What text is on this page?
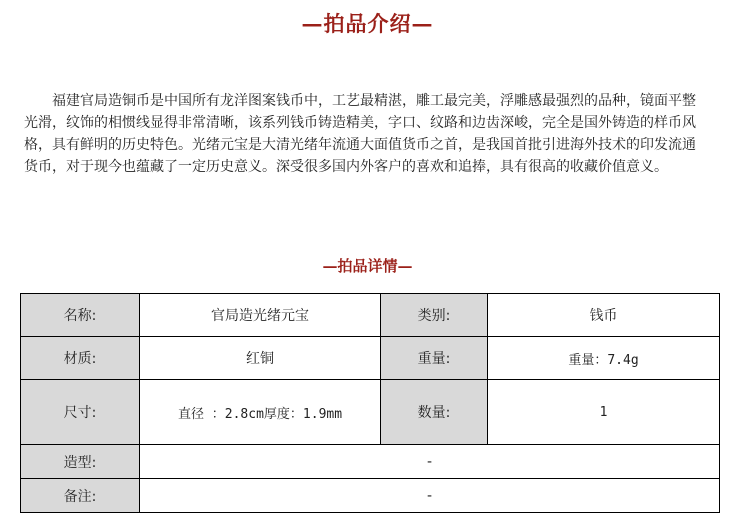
—拍品介绍—

福建官局造铜币是中国所有龙洋图案钱币中，工艺最精湛，雕工最完美，浮雕感最强烈的品种，镜面平整光滑，纹饰的相惯线显得非常清晰，该系列钱币铸造精美，字口、纹路和边齿深峻，完全是国外铸造的样币风格，具有鲜明的历史特色。光绪元宝是大清光绪年流通大面值货币之首，是我国首批引进海外技术的印发流通货币，对于现今也蕴藏了一定历史意义。深受很多国内外客户的喜欢和追捧，具有很高的收藏价值意义。

—拍品详情—
名称:	官局造光绪元宝	类别:	钱币
材质:	红铜	重量:	重量：7.4g
尺寸:	直径 ：2.8cm厚度：1.9mm	数量:	1
造型:	-		
备注:	-		
